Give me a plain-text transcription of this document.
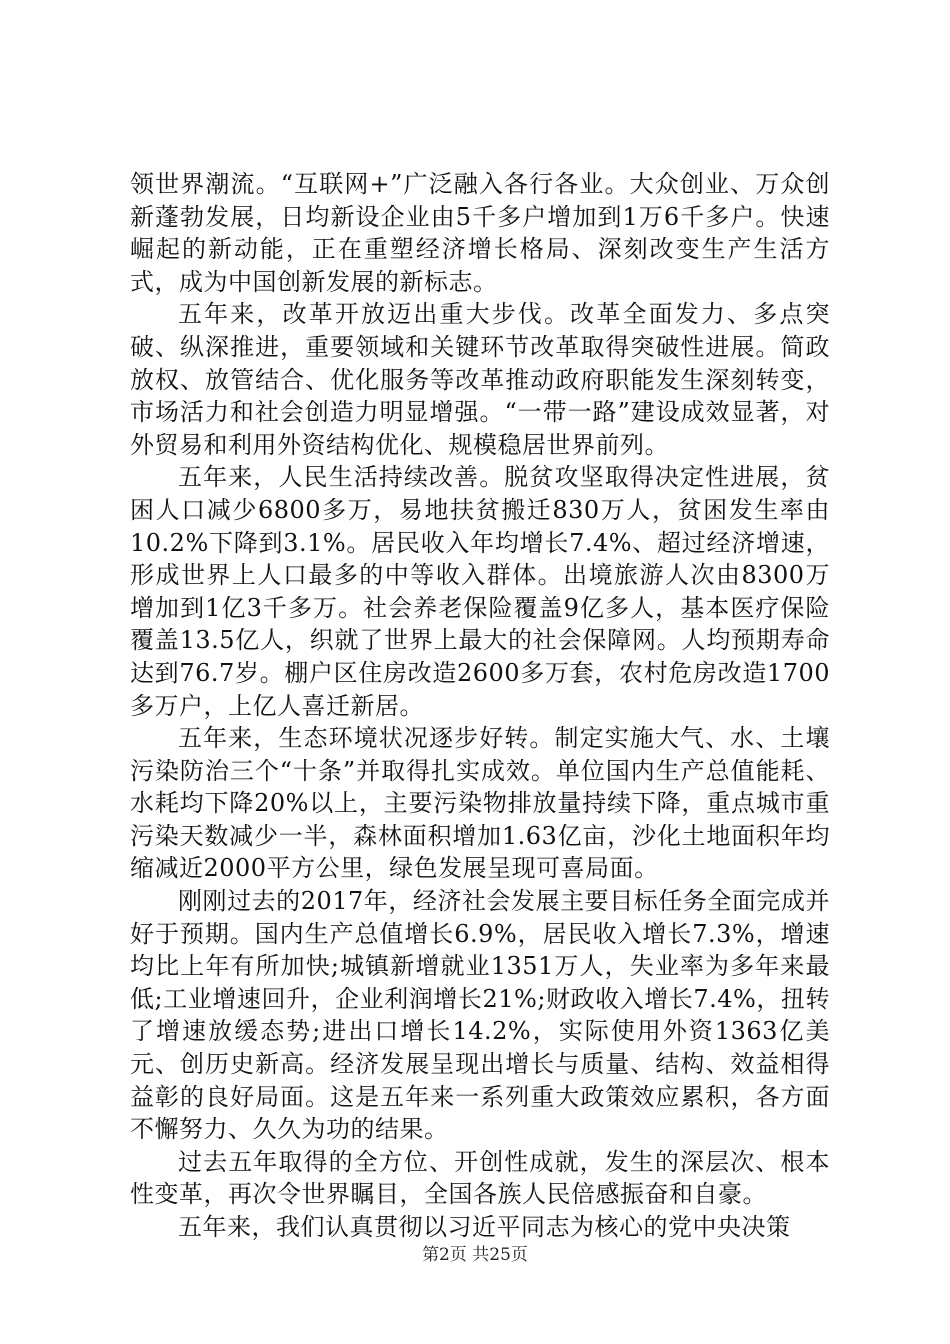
领世界潮流。“互联网+”广泛融入各行各业。大众创业、万众创新蓬勃发展，日均新设企业由5千多户增加到1万6千多户。快速崛起的新动能，正在重塑经济增长格局、深刻改变生产生活方式，成为中国创新发展的新标志。

五年来，改革开放迈出重大步伐。改革全面发力、多点突破、纵深推进，重要领域和关键环节改革取得突破性进展。简政放权、放管结合、优化服务等改革推动政府职能发生深刻转变，市场活力和社会创造力明显增强。“一带一路”建设成效显著，对外贸易和利用外资结构优化、规模稳居世界前列。

五年来，人民生活持续改善。脱贫攻坚取得决定性进展，贫困人口减少6800多万，易地扶贫搬迁830万人，贫困发生率由10.2%下降到3.1%。居民收入年均增长7.4%、超过经济增速，形成世界上人口最多的中等收入群体。出境旅游人次由8300万增加到1亿3千多万。社会养老保险覆盖9亿多人，基本医疗保险覆盖13.5亿人，织就了世界上最大的社会保障网。人均预期寿命达到76.7岁。棚户区住房改造2600多万套，农村危房改造1700多万户，上亿人喜迁新居。

五年来，生态环境状况逐步好转。制定实施大气、水、土壤污染防治三个“十条”并取得扎实成效。单位国内生产总值能耗、水耗均下降20%以上，主要污染物排放量持续下降，重点城市重污染天数减少一半，森林面积增加1.63亿亩，沙化土地面积年均缩减近2000平方公里，绿色发展呈现可喜局面。

刚刚过去的2017年，经济社会发展主要目标任务全面完成并好于预期。国内生产总值增长6.9%，居民收入增长7.3%，增速均比上年有所加快;城镇新增就业1351万人，失业率为多年来最低;工业增速回升，企业利润增长21%;财政收入增长7.4%，扭转了增速放缓态势;进出口增长14.2%，实际使用外资1363亿美元、创历史新高。经济发展呈现出增长与质量、结构、效益相得益彰的良好局面。这是五年来一系列重大政策效应累积，各方面不懈努力、久久为功的结果。

过去五年取得的全方位、开创性成就，发生的深层次、根本性变革，再次令世界瞩目，全国各族人民倍感振奋和自豪。

五年来，我们认真贯彻以习近平同志为核心的党中央决策

第2页 共25页
